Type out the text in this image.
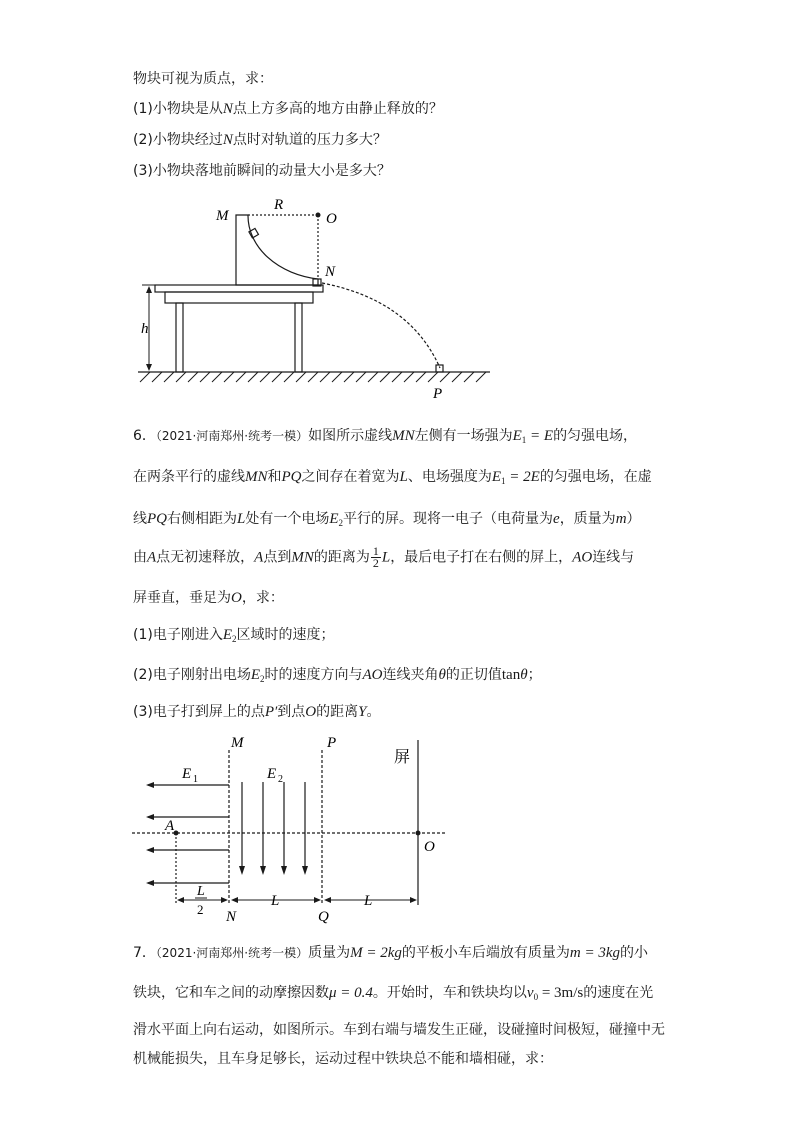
物块可视为质点，求：
(1)小物块是从N点上方多高的地方由静止释放的？
(2)小物块经过N点时对轨道的压力多大？
(3)小物块落地前瞬间的动量大小是多大？
M
R
O
N
h
P
6．（2021·河南郑州·统考一模）如图所示虚线MN左侧有一场强为$E_1 = E$的匀强电场，
在两条平行的虚线MN和PQ之间存在着宽为L、电场强度为$E_1 = 2E$的匀强电场，在虚
线PQ右侧相距为L处有一个电场$E_2$平行的屏。现将一电子（电荷量为e，质量为m）
由A点无初速释放，A点到MN的距离为 $\frac{1}{2}$ L，最后电子打在右侧的屏上，AO连线与
屏垂直，垂足为O，求：
(1)电子刚进入$E_2$区域时的速度；
(2)电子刚射出电场$E_2$时的速度方向与AO连线夹角θ的正切值tanθ；
(3)电子打到屏上的点P′到点O的距离Y。
M	P
屏
E 1	E 2
A
O
L
2
L	L
N	Q
7．（2021·河南郑州·统考一模）质量为M = 2kg的平板小车后端放有质量为m = 3kg的小
铁块，它和车之间的动摩擦因数μ = 0.4。开始时，车和铁块均以$v_0 = 3m/s$的速度在光
滑水平面上向右运动，如图所示。车到右端与墙发生正碰，设碰撞时间极短，碰撞中无
机械能损失，且车身足够长，运动过程中铁块总不能和墙相碰，求：
